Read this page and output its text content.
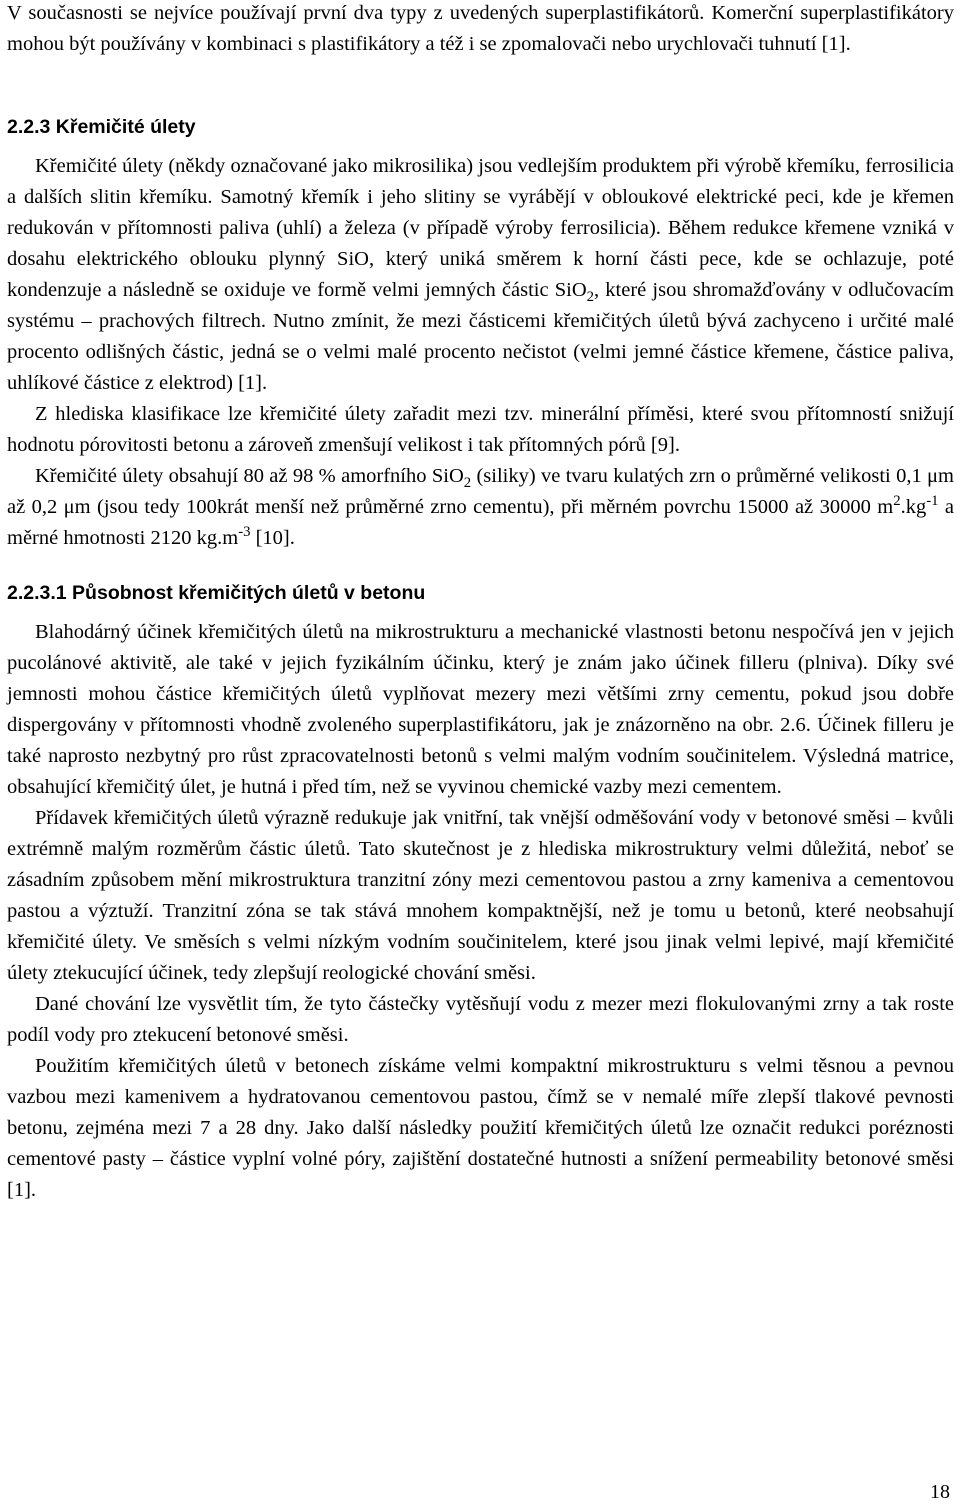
V současnosti se nejvíce používají první dva typy z uvedených superplastifikátorů. Komerční superplastifikátory mohou být používány v kombinaci s plastifikátory a též i se zpomalovači nebo urychlovači tuhnutí [1].

2.2.3 Křemičité úlety

Křemičité úlety (někdy označované jako mikrosilika) jsou vedlejším produktem při výrobě křemíku, ferrosilicia a dalších slitin křemíku. Samotný křemík i jeho slitiny se vyrábějí v obloukové elektrické peci, kde je křemen redukován v přítomnosti paliva (uhlí) a železa (v případě výroby ferrosilicia). Během redukce křemene vzniká v dosahu elektrického oblouku plynný SiO, který uniká směrem k horní části pece, kde se ochlazuje, poté kondenzuje a následně se oxiduje ve formě velmi jemných částic SiO$_2$, které jsou shromažďovány v odlučovacím systému – prachových filtrech. Nutno zmínit, že mezi částicemi křemičitých úletů bývá zachyceno i určité malé procento odlišných částic, jedná se o velmi malé procento nečistot (velmi jemné částice křemene, částice paliva, uhlíkové částice z elektrod) [1].

Z hlediska klasifikace lze křemičité úlety zařadit mezi tzv. minerální příměsi, které svou přítomností snižují hodnotu pórovitosti betonu a zároveň zmenšují velikost i tak přítomných pórů [9].

Křemičité úlety obsahují 80 až 98 % amorfního SiO$_2$ (siliky) ve tvaru kulatých zrn o průměrné velikosti 0,1 μm až 0,2 μm (jsou tedy 100krát menší než průměrné zrno cementu), při měrném povrchu 15000 až 30000 $m^2.kg^{-1}$ a měrné hmotnosti 2120 $kg.m^{-3}$ [10].

2.2.3.1 Působnost křemičitých úletů v betonu

Blahodárný účinek křemičitých úletů na mikrostrukturu a mechanické vlastnosti betonu nespočívá jen v jejich pucolánové aktivitě, ale také v jejich fyzikálním účinku, který je znám jako účinek filleru (plniva). Díky své jemnosti mohou částice křemičitých úletů vyplňovat mezery mezi většími zrny cementu, pokud jsou dobře dispergovány v přítomnosti vhodně zvoleného superplastifikátoru, jak je znázorněno na obr. 2.6. Účinek filleru je také naprosto nezbytný pro růst zpracovatelnosti betonů s velmi malým vodním součinitelem. Výsledná matrice, obsahující křemičitý úlet, je hutná i před tím, než se vyvinou chemické vazby mezi cementem.

Přídavek křemičitých úletů výrazně redukuje jak vnitřní, tak vnější odměšování vody v betonové směsi – kvůli extrémně malým rozměrům částic úletů. Tato skutečnost je z hlediska mikrostruktury velmi důležitá, neboť se zásadním způsobem mění mikrostruktura tranzitní zóny mezi cementovou pastou a zrny kameniva a cementovou pastou a výztuží. Tranzitní zóna se tak stává mnohem kompaktnější, než je tomu u betonů, které neobsahují křemičité úlety. Ve směsích s velmi nízkým vodním součinitelem, které jsou jinak velmi lepivé, mají křemičité úlety ztekucující účinek, tedy zlepšují reologické chování směsi.

Dané chování lze vysvětlit tím, že tyto částečky vytěsňují vodu z mezer mezi flokulovanými zrny a tak roste podíl vody pro ztekucení betonové směsi.

Použitím křemičitých úletů v betonech získáme velmi kompaktní mikrostrukturu s velmi těsnou a pevnou vazbou mezi kamenivem a hydratovanou cementovou pastou, čímž se v nemalé míře zlepší tlakové pevnosti betonu, zejména mezi 7 a 28 dny. Jako další následky použití křemičitých úletů lze označit redukci poréznosti cementové pasty – částice vyplní volné póry, zajištění dostatečné hutnosti a snížení permeability betonové směsi [1].

18
